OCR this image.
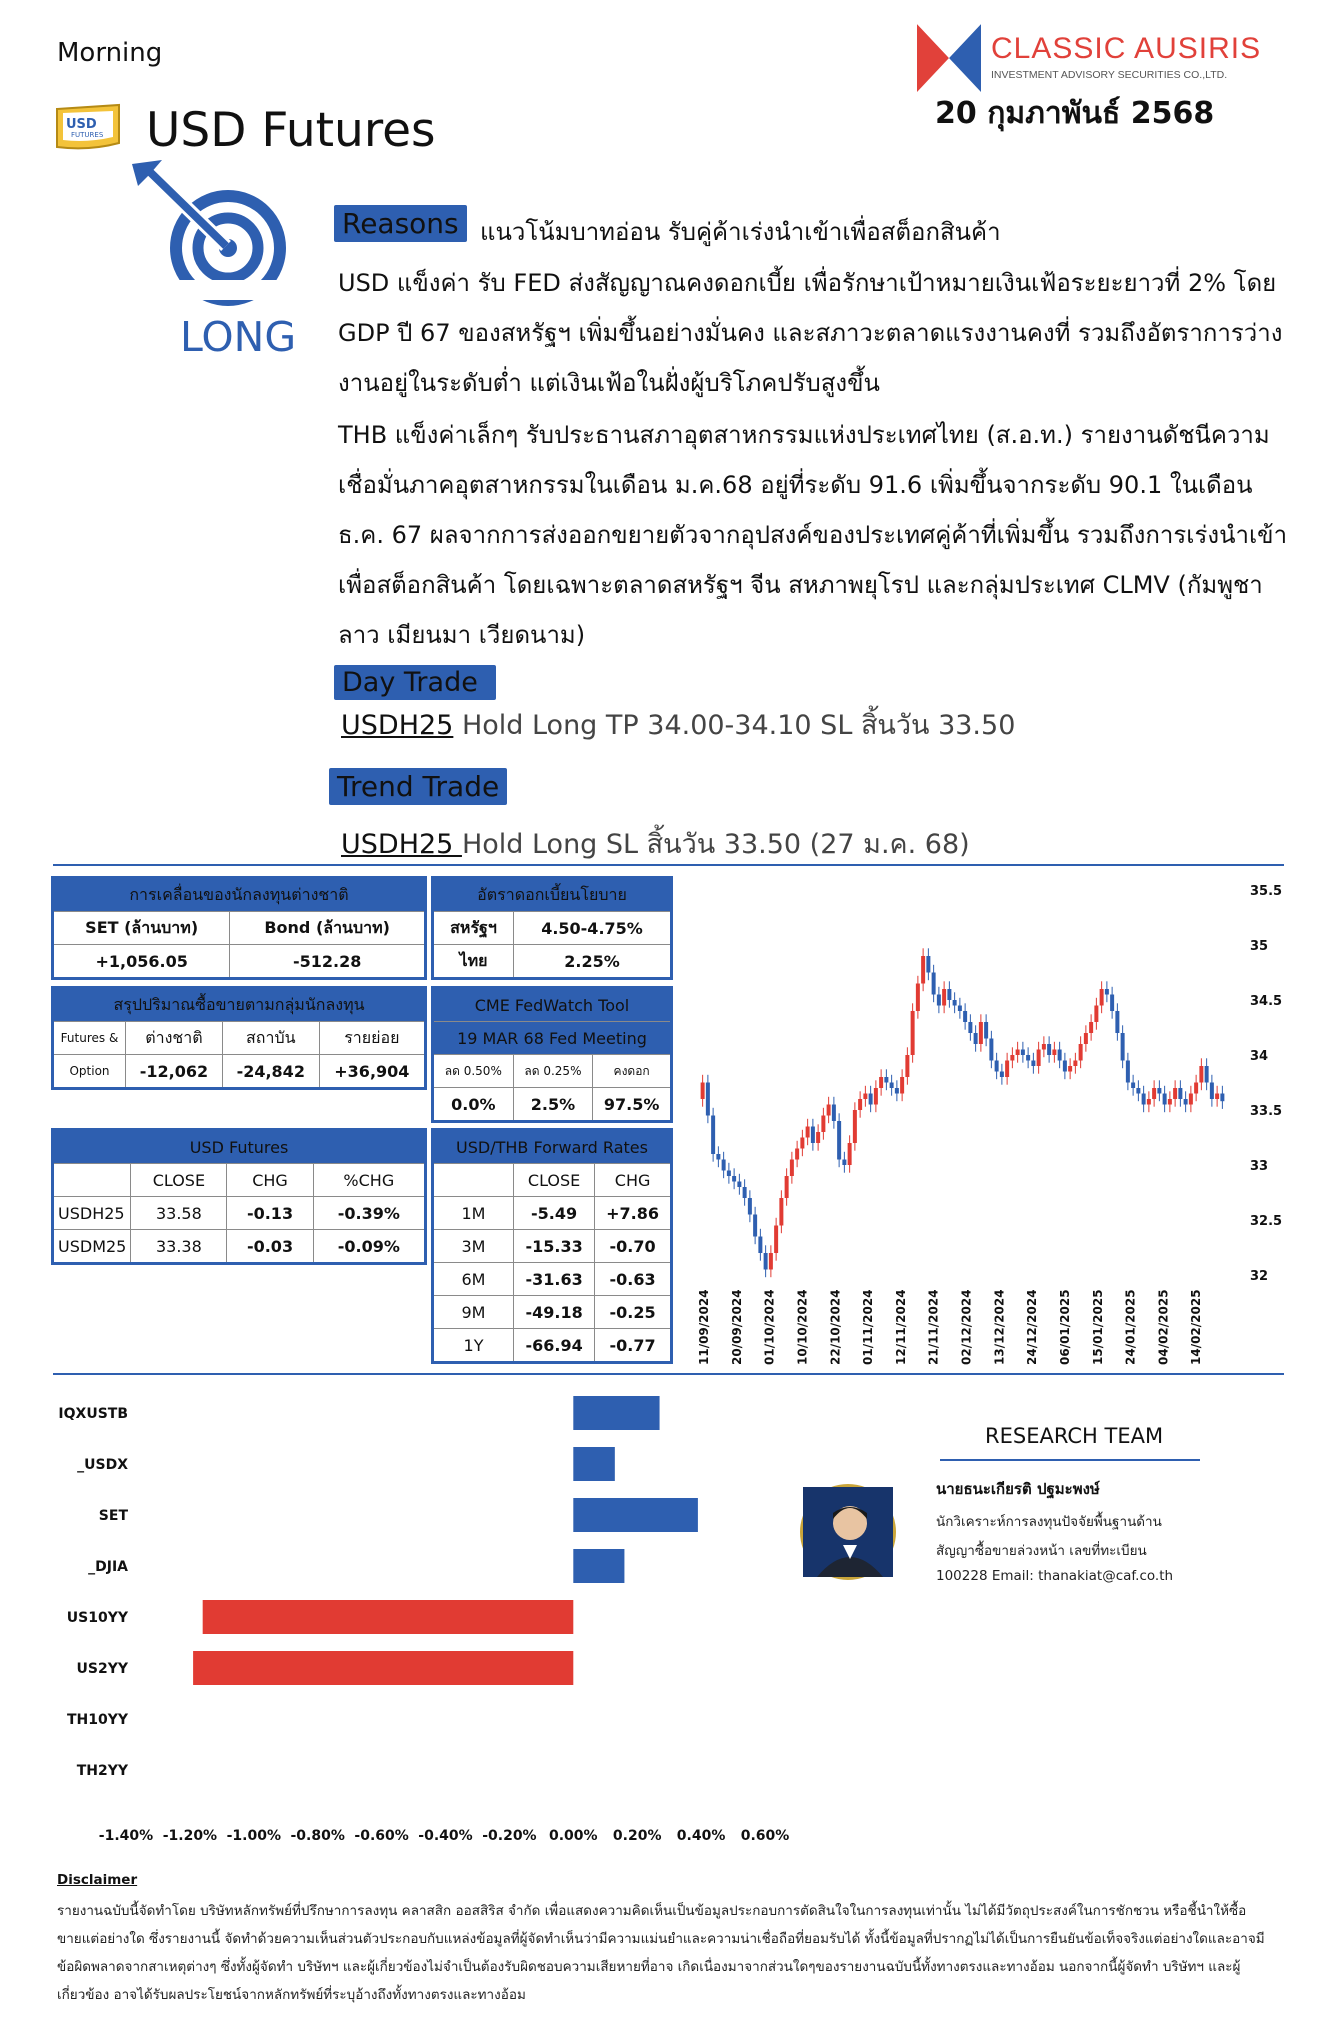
Morning
USD
FUTURES USD Futures
CLASSIC AUSIRIS
INVESTMENT ADVISORY SECURITIES CO.,LTD.
20 กุมภาพันธ์ 2568
LONG
Reasons แนวโน้มบาทอ่อน รับคู่ค้าเร่งนำเข้าเพื่อสต็อกสินค้า
USD แข็งค่า รับ FED ส่งสัญญาณคงดอกเบี้ย เพื่อรักษาเป้าหมายเงินเฟ้อระยะยาวที่ 2% โดย GDP ปี 67 ของสหรัฐฯ เพิ่มขึ้นอย่างมั่นคง และสภาวะตลาดแรงงานคงที่ รวมถึงอัตราการว่างงานอยู่ในระดับต่ำ แต่เงินเฟ้อในฝั่งผู้บริโภคปรับสูงขึ้น
THB แข็งค่าเล็กๆ รับประธานสภาอุตสาหกรรมแห่งประเทศไทย (ส.อ.ท.) รายงานดัชนีความเชื่อมั่นภาคอุตสาหกรรมในเดือน ม.ค.68 อยู่ที่ระดับ 91.6 เพิ่มขึ้นจากระดับ 90.1 ในเดือน ธ.ค. 67 ผลจากการส่งออกขยายตัวจากอุปสงค์ของประเทศคู่ค้าที่เพิ่มขึ้น รวมถึงการเร่งนำเข้าเพื่อสต็อกสินค้า โดยเฉพาะตลาดสหรัฐฯ จีน สหภาพยุโรป และกลุ่มประเทศ CLMV (กัมพูชา ลาว เมียนมา เวียดนาม)
Day Trade
USDH25 Hold Long TP 34.00-34.10 SL สิ้นวัน 33.50
Trend Trade
USDH25 Hold Long SL สิ้นวัน 33.50 (27 ม.ค. 68)
การเคลื่อนของนักลงทุนต่างชาติ	
SET (ล้านบาท)	Bond (ล้านบาท)
+1,056.05	-512.28
อัตราดอกเบี้ยนโยบาย	
สหรัฐฯ	4.50-4.75%
ไทย	2.25%
สรุปปริมาณซื้อขายตามกลุ่มนักลงทุน			
Futures &	ต่างชาติ	สถาบัน	รายย่อย
Option	-12,062	-24,842	+36,904
CME FedWatch Tool		
19 MAR 68 Fed Meeting		
ลด 0.50%	ลด 0.25%	คงดอก
0.0%	2.5%	97.5%
USD Futures			
	CLOSE	CHG	%CHG
USDH25	33.58	-0.13	-0.39%
USDM25	33.38	-0.03	-0.09%
USD/THB Forward Rates		
	CLOSE	CHG
1M	-5.49	+7.86
3M	-15.33	-0.70
6M	-31.63	-0.63
9M	-49.18	-0.25
1Y	-66.94	-0.77
35.5
35
34.5
34
33.5
33
32.5
32
11/09/2024 20/09/2024 01/10/2024 10/10/2024 22/10/2024 01/11/2024 12/11/2024 21/11/2024 02/12/2024 13/12/2024 24/12/2024 06/01/2025 15/01/2025 24/01/2025 04/02/2025 14/02/2025
IQXUSTB
_USDX
SET
_DJIA
US10YY
US2YY
TH10YY
TH2YY
-1.40% -1.20% -1.00% -0.80% -0.60% -0.40% -0.20% 0.00% 0.20% 0.40% 0.60%
RESEARCH TEAM
นายธนะเกียรติ ปฐมะพงษ์
นักวิเคราะห์การลงทุนปัจจัยพื้นฐานด้าน
สัญญาซื้อขายล่วงหน้า เลขที่ทะเบียน
100228 Email: thanakiat@caf.co.th
Disclaimer
รายงานฉบับนี้จัดทำโดย บริษัทหลักทรัพย์ที่ปรึกษาการลงทุน คลาสสิก ออสสิริส จำกัด เพื่อแสดงความคิดเห็นเป็นข้อมูลประกอบการตัดสินใจในการลงทุนเท่านั้น ไม่ได้มีวัตถุประสงค์ในการชักชวน หรือชี้นำให้ซื้อขายแต่อย่างใด ซึ่งรายงานนี้ จัดทำด้วยความเห็นส่วนตัวประกอบกับแหล่งข้อมูลที่ผู้จัดทำเห็นว่ามีความแม่นยำและความน่าเชื่อถือที่ยอมรับได้ ทั้งนี้ข้อมูลที่ปรากฏไม่ได้เป็นการยืนยันข้อเท็จจริงแต่อย่างใดและอาจมีข้อผิดพลาดจากสาเหตุต่างๆ ซึ่งทั้งผู้จัดทำ บริษัทฯ และผู้เกี่ยวข้องไม่จำเป็นต้องรับผิดชอบความเสียหายที่อาจ เกิดเนื่องมาจากส่วนใดๆของรายงานฉบับนี้ทั้งทางตรงและทางอ้อม นอกจากนี้ผู้จัดทำ บริษัทฯ และผู้เกี่ยวข้อง อาจได้รับผลประโยชน์จากหลักทรัพย์ที่ระบุอ้างถึงทั้งทางตรงและทางอ้อม
